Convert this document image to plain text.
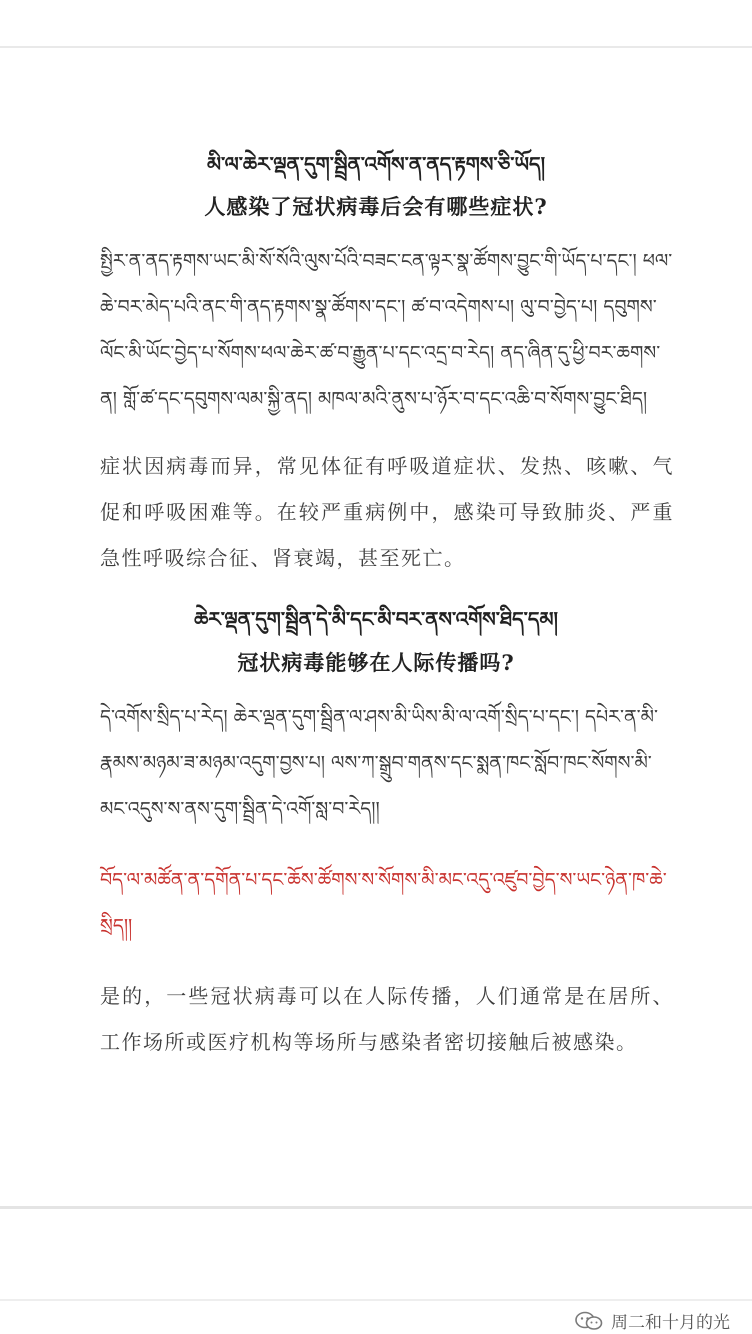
མི་ལ་ཆེར་ལྡན་དུག་སྦྲིན་འགོས་ན་ནད་རྟགས་ཅི་ཡོད།
人感染了冠状病毒后会有哪些症状?
སྤྱིར་ན་ནད་རྟགས་ཡང་མི་སོ་སོའི་ལུས་པོའི་བཟང་ངན་ལྟར་སྣ་ཚོགས་བྱུང་གི་ཡོད་པ་དང་། ཕལ་ཆེ་བར་མེད་པའི་ནང་གི་ནད་རྟགས་སྣ་ཚོགས་དང་། ཚ་བ་འདེགས་པ། ལུ་བ་བྱེད་པ། དབུགས་ལོང་མི་ཡོང་བྱེད་པ་སོགས་ཕལ་ཆེར་ཚ་བ་རྒྱུན་པ་དང་འདྲ་བ་རེད། ནད་ཞིན་དུ་ཕྱི་བར་ཆགས་ན། གློ་ཚ་དང་དབུགས་ལམ་སྐྱི་ནད། མཁལ་མའི་ནུས་པ་ཉོར་བ་དང་འཆི་བ་སོགས་བྱུང་ཐིད།
症状因病毒而异，常见体征有呼吸道症状、发热、咳嗽、气促和呼吸困难等。在较严重病例中，感染可导致肺炎、严重急性呼吸综合征、肾衰竭，甚至死亡。
ཆེར་ལྡན་དུག་སྦྲིན་དེ་མི་དང་མི་བར་ནས་འགོས་ཐིད་དམ།
冠状病毒能够在人际传播吗?
དེ་འགོས་སྲིད་པ་རེད། ཆེར་ལྡན་དུག་སྦྲིན་ལ་ཤས་མི་ཡིས་མི་ལ་འགོ་སྲིད་པ་དང་། དཔེར་ན་མི་རྣམས་མཉམ་ཟ་མཉམ་འདུག་བྱས་པ། ལས་ཀ་སྒྲུབ་གནས་དང་སྨན་ཁང་སློབ་ཁང་སོགས་མི་མང་འདུས་ས་ནས་དུག་སྦྲིན་དེ་འགོ་སླ་བ་རེད།།
བོད་ལ་མཚོན་ན་དགོན་པ་དང་ཆོས་ཚོགས་ས་སོགས་མི་མང་འདུ་འཛུབ་བྱེད་ས་ཡང་ཉེན་ཁ་ཆེ་སྲིད།།
是的，一些冠状病毒可以在人际传播，人们通常是在居所、工作场所或医疗机构等场所与感染者密切接触后被感染。
周二和十月的光
